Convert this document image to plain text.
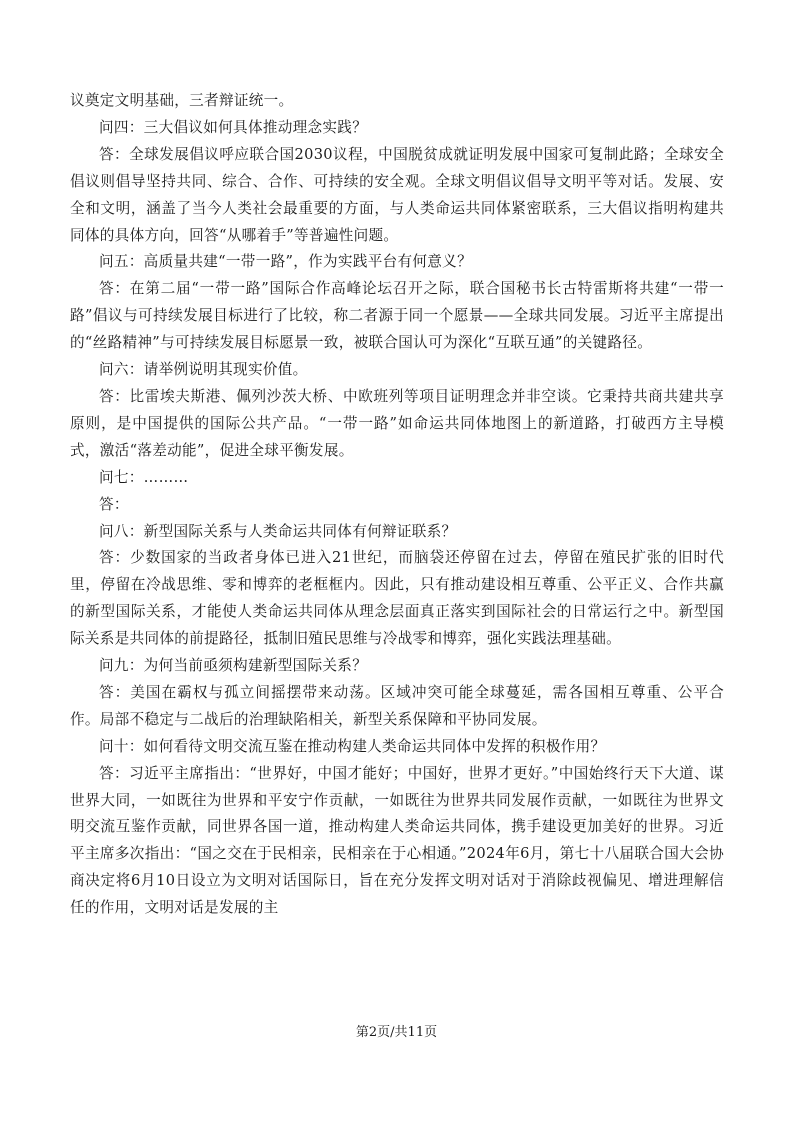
议奠定文明基础，三者辩证统一。

问四：三大倡议如何具体推动理念实践？

答：全球发展倡议呼应联合国2030议程，中国脱贫成就证明发展中国家可复制此路；全球安全倡议则倡导坚持共同、综合、合作、可持续的安全观。全球文明倡议倡导文明平等对话。发展、安全和文明，涵盖了当今人类社会最重要的方面，与人类命运共同体紧密联系，三大倡议指明构建共同体的具体方向，回答“从哪着手”等普遍性问题。

问五：高质量共建“一带一路”，作为实践平台有何意义？

答：在第二届“一带一路”国际合作高峰论坛召开之际，联合国秘书长古特雷斯将共建“一带一路”倡议与可持续发展目标进行了比较，称二者源于同一个愿景——全球共同发展。习近平主席提出的“丝路精神”与可持续发展目标愿景一致，被联合国认可为深化“互联互通”的关键路径。

问六：请举例说明其现实价值。

答：比雷埃夫斯港、佩列沙茨大桥、中欧班列等项目证明理念并非空谈。它秉持共商共建共享原则，是中国提供的国际公共产品。“一带一路”如命运共同体地图上的新道路，打破西方主导模式，激活“落差动能”，促进全球平衡发展。

问七：………

答：

问八：新型国际关系与人类命运共同体有何辩证联系？

答：少数国家的当政者身体已进入21世纪，而脑袋还停留在过去，停留在殖民扩张的旧时代里，停留在冷战思维、零和博弈的老框框内。因此，只有推动建设相互尊重、公平正义、合作共赢的新型国际关系，才能使人类命运共同体从理念层面真正落实到国际社会的日常运行之中。新型国际关系是共同体的前提路径，抵制旧殖民思维与冷战零和博弈，强化实践法理基础。

问九：为何当前亟须构建新型国际关系？

答：美国在霸权与孤立间摇摆带来动荡。区域冲突可能全球蔓延，需各国相互尊重、公平合作。局部不稳定与二战后的治理缺陷相关，新型关系保障和平协同发展。

问十：如何看待文明交流互鉴在推动构建人类命运共同体中发挥的积极作用？

答：习近平主席指出：“世界好，中国才能好；中国好，世界才更好。”中国始终行天下大道、谋世界大同，一如既往为世界和平安宁作贡献，一如既往为世界共同发展作贡献，一如既往为世界文明交流互鉴作贡献，同世界各国一道，推动构建人类命运共同体，携手建设更加美好的世界。习近平主席多次指出：“国之交在于民相亲，民相亲在于心相通。”2024年6月，第七十八届联合国大会协商决定将6月10日设立为文明对话国际日，旨在充分发挥文明对话对于消除歧视偏见、增进理解信任的作用，文明对话是发展的主

第2页/共11页
